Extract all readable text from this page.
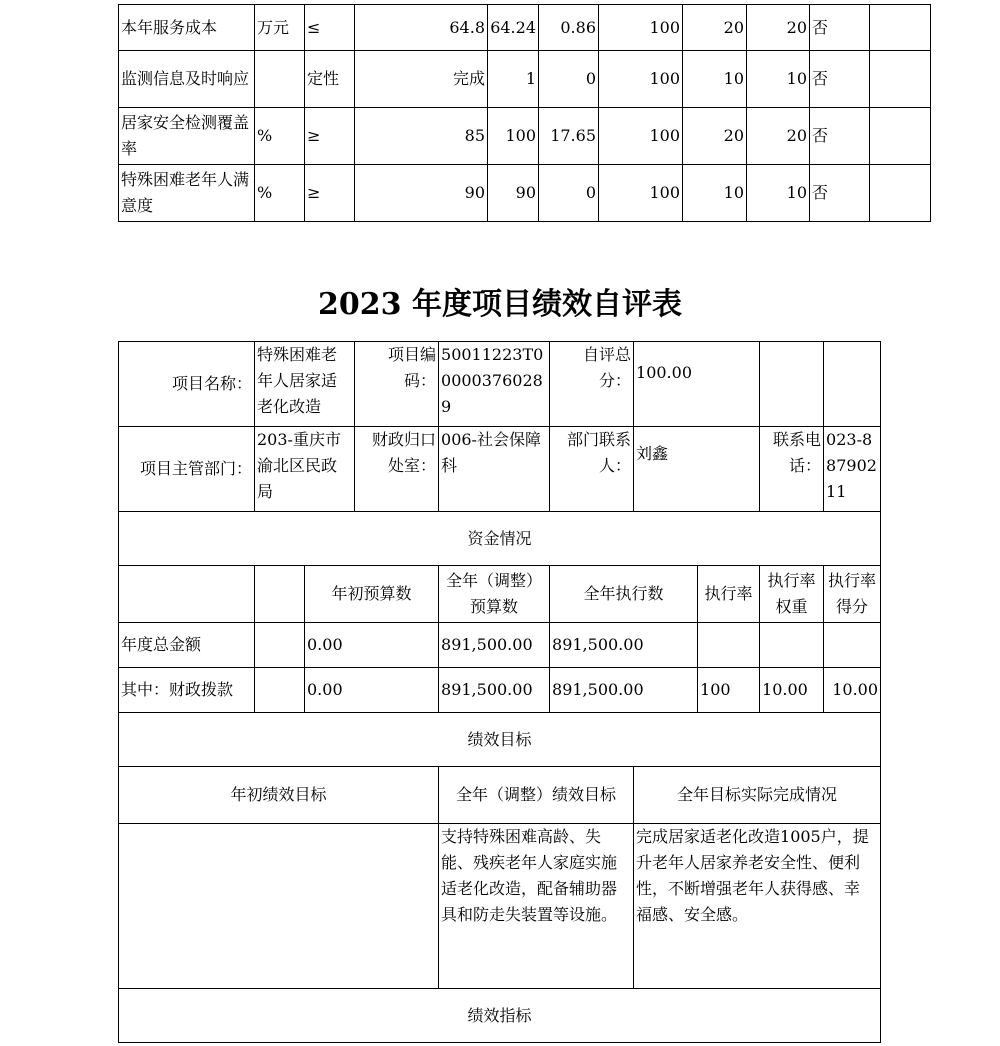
本年服务成本	万元	≤	64.8	64.24	0.86	100	20	20	否	
监测信息及时响应		定性	完成	1	0	100	10	10	否	
居家安全检测覆盖率	%	≥	85	100	17.65	100	20	20	否	
特殊困难老年人满意度	%	≥	90	90	0	100	10	10	否	
2023 年度项目绩效自评表
项目名称：	特殊困难老年人居家适老化改造		项目编码：	50011223T000003760289	自评总分：	100.00			
项目主管部门：	203-重庆市渝北区民政局		财政归口处室：	006-社会保障科	部门联系人：	刘鑫		联系电话：	023-88790211
资金情况									
		年初预算数		全年（调整）预算数	全年执行数		执行率	执行率权重	执行率得分
年度总金额		0.00		891,500.00	891,500.00				
其中：财政拨款		0.00		891,500.00	891,500.00		100	10.00	10.00
绩效目标									
年初绩效目标				全年（调整）绩效目标		全年目标实际完成情况			
				支持特殊困难高龄、失能、残疾老年人家庭实施适老化改造，配备辅助器具和防走失装置等设施。		完成居家适老化改造1005户，提升老年人居家养老安全性、便利性，不断增强老年人获得感、幸福感、安全感。			
绩效指标									
